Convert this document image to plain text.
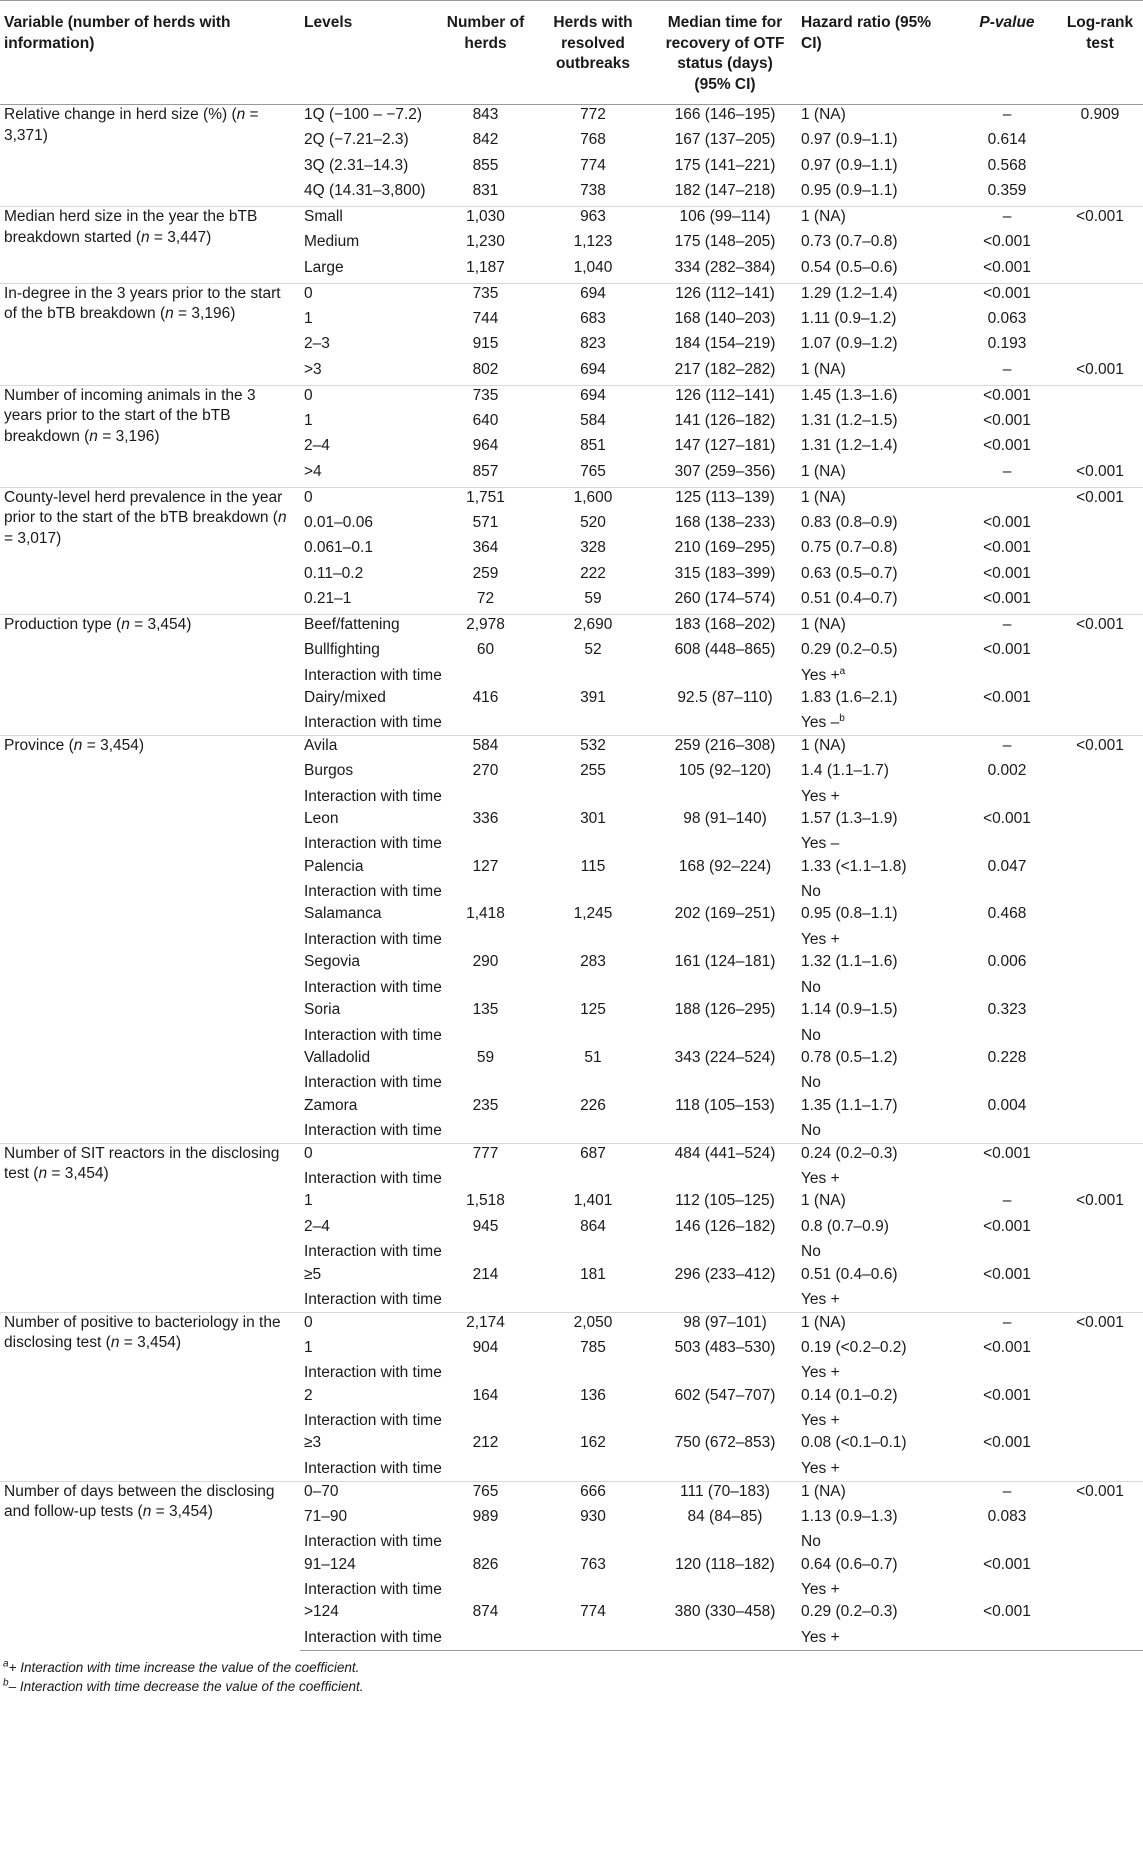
Variable (number of herds with information)	Levels	Number of herds	Herds with resolved outbreaks	Median time for recovery of OTF status (days) (95% CI)	Hazard ratio (95% CI)	P-value	Log-rank test
Relative change in herd size (%) (n = 3,371)	1Q (−100 – −7.2)	843	772	166 (146–195)	1 (NA)	–	0.909
	2Q (−7.21–2.3)	842	768	167 (137–205)	0.97 (0.9–1.1)	0.614	
	3Q (2.31–14.3)	855	774	175 (141–221)	0.97 (0.9–1.1)	0.568	
	4Q (14.31–3,800)	831	738	182 (147–218)	0.95 (0.9–1.1)	0.359	
Median herd size in the year the bTB breakdown started (n = 3,447)	Small	1,030	963	106 (99–114)	1 (NA)	–	<0.001
	Medium	1,230	1,123	175 (148–205)	0.73 (0.7–0.8)	<0.001	
	Large	1,187	1,040	334 (282–384)	0.54 (0.5–0.6)	<0.001	
In-degree in the 3 years prior to the start of the bTB breakdown (n = 3,196)	0	735	694	126 (112–141)	1.29 (1.2–1.4)	<0.001	
	1	744	683	168 (140–203)	1.11 (0.9–1.2)	0.063	
	2–3	915	823	184 (154–219)	1.07 (0.9–1.2)	0.193	
	>3	802	694	217 (182–282)	1 (NA)	–	<0.001
Number of incoming animals in the 3 years prior to the start of the bTB breakdown (n = 3,196)	0	735	694	126 (112–141)	1.45 (1.3–1.6)	<0.001	
	1	640	584	141 (126–182)	1.31 (1.2–1.5)	<0.001	
	2–4	964	851	147 (127–181)	1.31 (1.2–1.4)	<0.001	
	>4	857	765	307 (259–356)	1 (NA)	–	<0.001
County-level herd prevalence in the year prior to the start of the bTB breakdown (n = 3,017)	0	1,751	1,600	125 (113–139)	1 (NA)		<0.001
	0.01–0.06	571	520	168 (138–233)	0.83 (0.8–0.9)	<0.001	
	0.061–0.1	364	328	210 (169–295)	0.75 (0.7–0.8)	<0.001	
	0.11–0.2	259	222	315 (183–399)	0.63 (0.5–0.7)	<0.001	
	0.21–1	72	59	260 (174–574)	0.51 (0.4–0.7)	<0.001	
Production type (n = 3,454)	Beef/fattening	2,978	2,690	183 (168–202)	1 (NA)	–	<0.001
	Bullfighting	60	52	608 (448–865)	0.29 (0.2–0.5)	<0.001	
	Interaction with time				Yes +$^a$		
	Dairy/mixed	416	391	92.5 (87–110)	1.83 (1.6–2.1)	<0.001	
	Interaction with time				Yes –$^b$		
Province (n = 3,454)	Avila	584	532	259 (216–308)	1 (NA)	–	<0.001
	Burgos	270	255	105 (92–120)	1.4 (1.1–1.7)	0.002	
	Interaction with time				Yes +		
	Leon	336	301	98 (91–140)	1.57 (1.3–1.9)	<0.001	
	Interaction with time				Yes –		
	Palencia	127	115	168 (92–224)	1.33 (<1.1–1.8)	0.047	
	Interaction with time				No		
	Salamanca	1,418	1,245	202 (169–251)	0.95 (0.8–1.1)	0.468	
	Interaction with time				Yes +		
	Segovia	290	283	161 (124–181)	1.32 (1.1–1.6)	0.006	
	Interaction with time				No		
	Soria	135	125	188 (126–295)	1.14 (0.9–1.5)	0.323	
	Interaction with time				No		
	Valladolid	59	51	343 (224–524)	0.78 (0.5–1.2)	0.228	
	Interaction with time				No		
	Zamora	235	226	118 (105–153)	1.35 (1.1–1.7)	0.004	
	Interaction with time				No		
Number of SIT reactors in the disclosing test (n = 3,454)	0	777	687	484 (441–524)	0.24 (0.2–0.3)	<0.001	
	Interaction with time				Yes +		
	1	1,518	1,401	112 (105–125)	1 (NA)	–	<0.001
	2–4	945	864	146 (126–182)	0.8 (0.7–0.9)	<0.001	
	Interaction with time				No		
	≥5	214	181	296 (233–412)	0.51 (0.4–0.6)	<0.001	
	Interaction with time				Yes +		
Number of positive to bacteriology in the disclosing test (n = 3,454)	0	2,174	2,050	98 (97–101)	1 (NA)	–	<0.001
	1	904	785	503 (483–530)	0.19 (<0.2–0.2)	<0.001	
	Interaction with time				Yes +		
	2	164	136	602 (547–707)	0.14 (0.1–0.2)	<0.001	
	Interaction with time				Yes +		
	≥3	212	162	750 (672–853)	0.08 (<0.1–0.1)	<0.001	
	Interaction with time				Yes +		
Number of days between the disclosing and follow-up tests (n = 3,454)	0–70	765	666	111 (70–183)	1 (NA)	–	<0.001
	71–90	989	930	84 (84–85)	1.13 (0.9–1.3)	0.083	
	Interaction with time				No		
	91–124	826	763	120 (118–182)	0.64 (0.6–0.7)	<0.001	
	Interaction with time				Yes +		
	>124	874	774	380 (330–458)	0.29 (0.2–0.3)	<0.001	
	Interaction with time				Yes +		
$^a$+ Interaction with time increase the value of the coefficient.
$^b$– Interaction with time decrease the value of the coefficient.
